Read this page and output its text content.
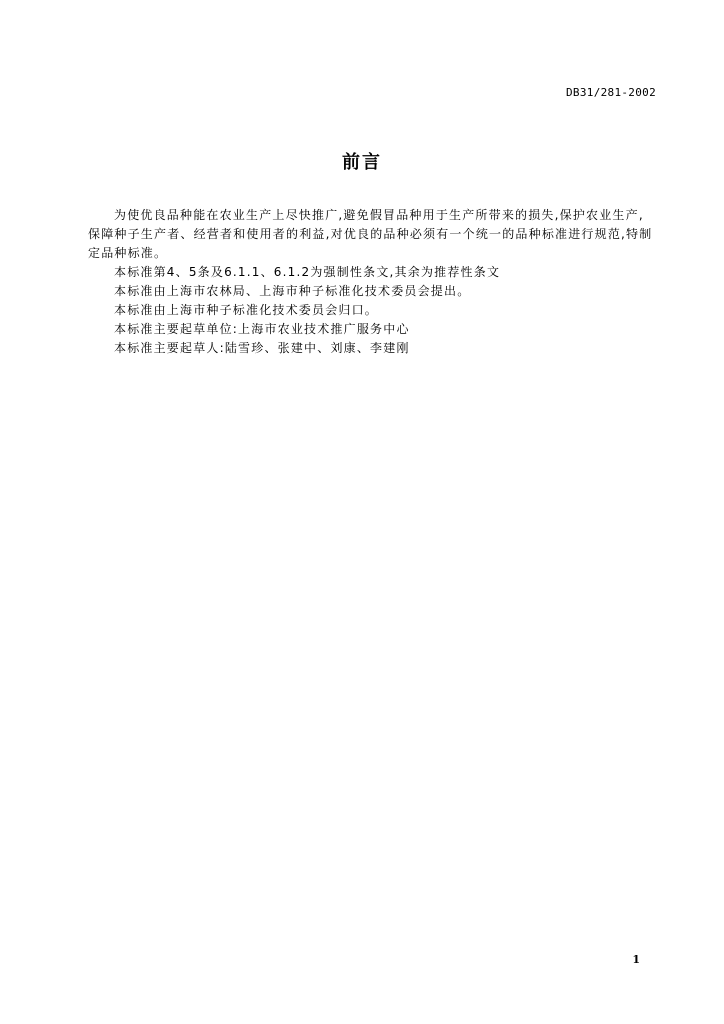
DB31/281-2002
前言

为使优良品种能在农业生产上尽快推广,避免假冒品种用于生产所带来的损失,保护农业生产,保障种子生产者、经营者和使用者的利益,对优良的品种必须有一个统一的品种标准进行规范,特制定品种标准。

本标准第4、5条及6.1.1、6.1.2为强制性条文,其余为推荐性条文

本标准由上海市农林局、上海市种子标准化技术委员会提出。

本标准由上海市种子标准化技术委员会归口。

本标准主要起草单位:上海市农业技术推广服务中心

本标准主要起草人:陆雪珍、张建中、刘康、李建刚

1
